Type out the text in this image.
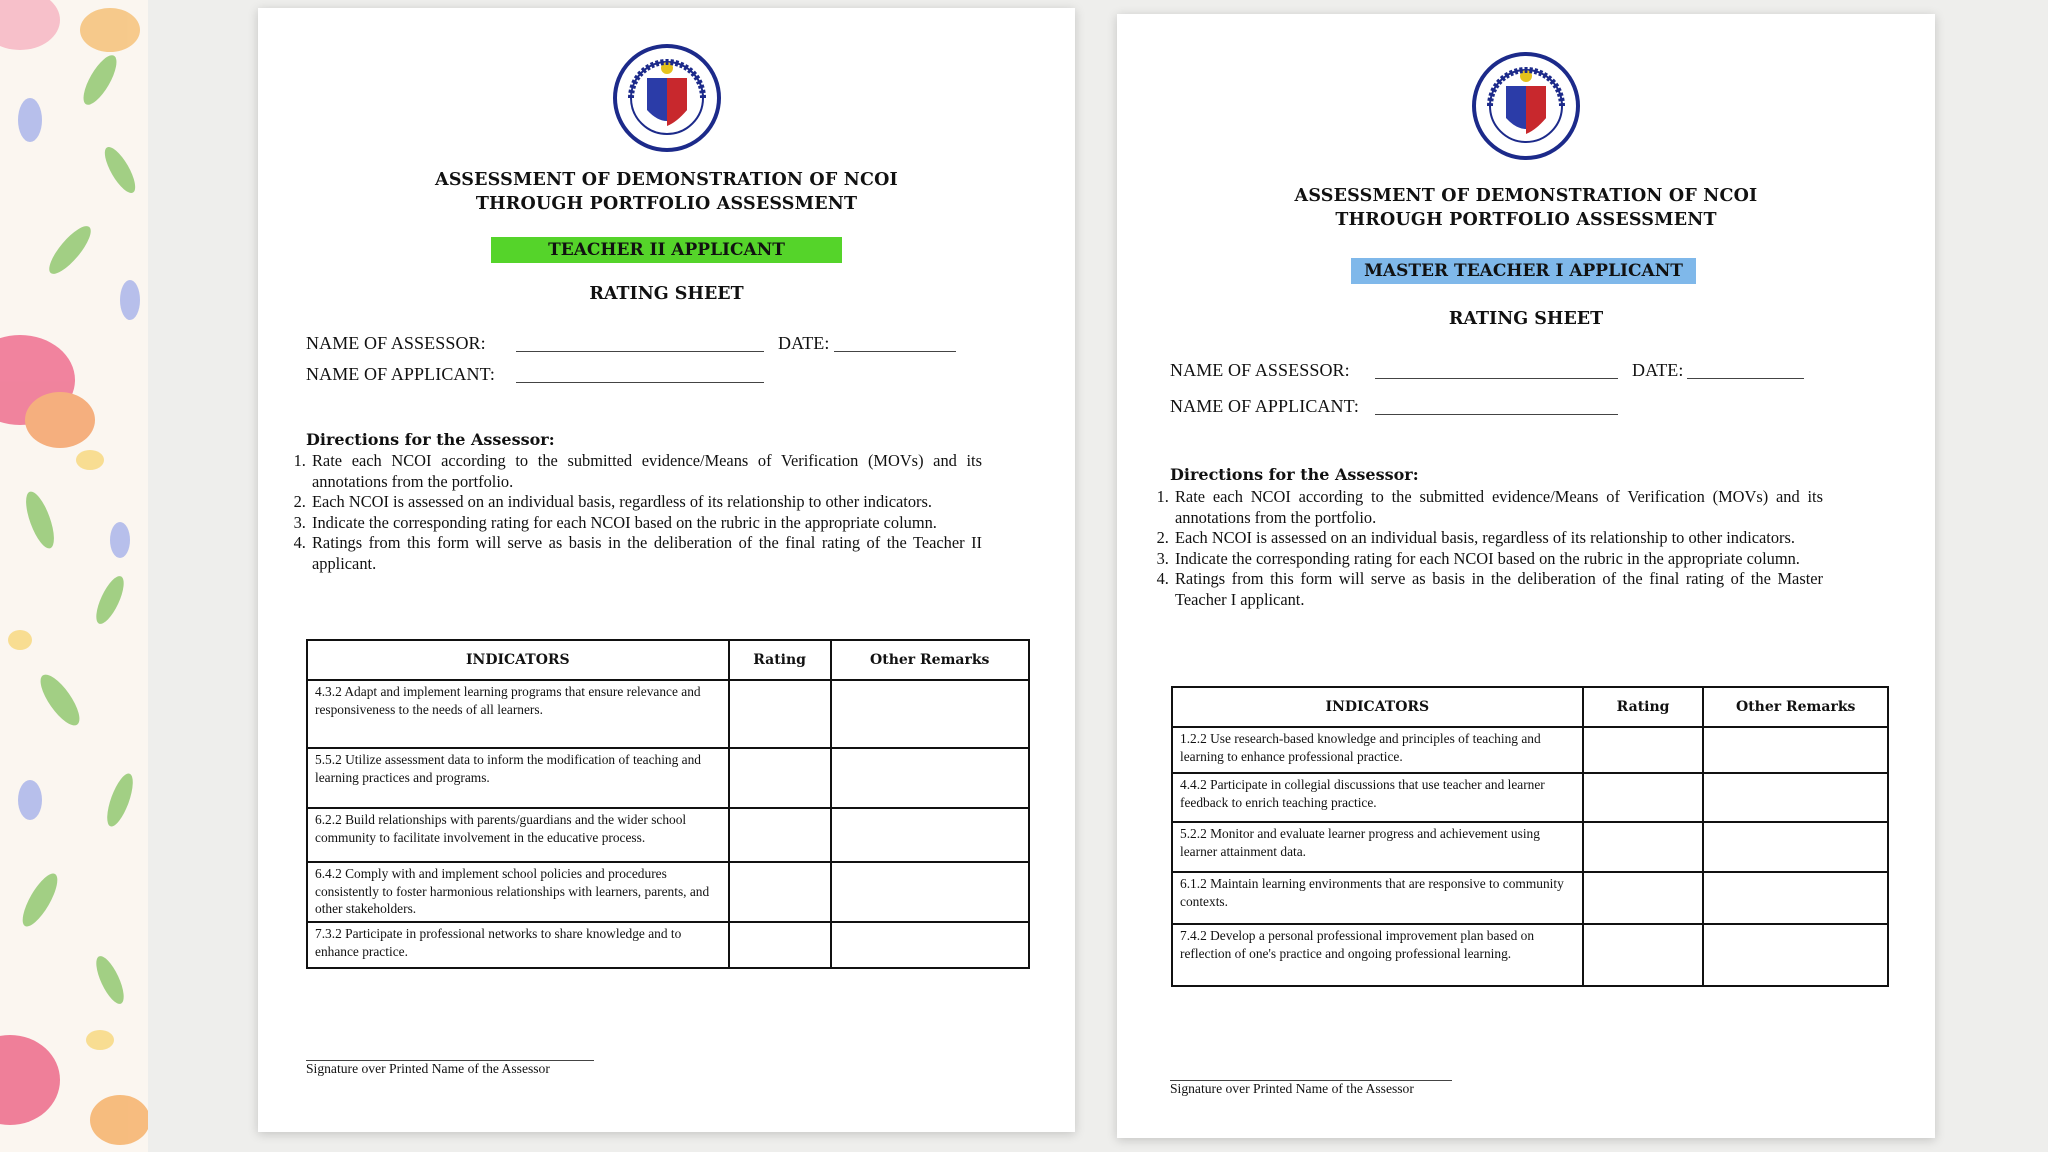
ASSESSMENT OF DEMONSTRATION OF NCOI
THROUGH PORTFOLIO ASSESSMENT
TEACHER II APPLICANT
RATING SHEET
NAME OF ASSESSOR:	DATE:
NAME OF APPLICANT:
Directions for the Assessor:
1. Rate each NCOI according to the submitted evidence/Means of Verification (MOVs) and its annotations from the portfolio.
2. Each NCOI is assessed on an individual basis, regardless of its relationship to other indicators.
3. Indicate the corresponding rating for each NCOI based on the rubric in the appropriate column.
4. Ratings from this form will serve as basis in the deliberation of the final rating of the Teacher II applicant.
INDICATORS	Rating	Other Remarks
4.3.2 Adapt and implement learning programs that ensure relevance and responsiveness to the needs of all learners.		
5.5.2 Utilize assessment data to inform the modification of teaching and learning practices and programs.		
6.2.2 Build relationships with parents/guardians and the wider school community to facilitate involvement in the educative process.		
6.4.2 Comply with and implement school policies and procedures consistently to foster harmonious relationships with learners, parents, and other stakeholders.		
7.3.2 Participate in professional networks to share knowledge and to enhance practice.		
Signature over Printed Name of the Assessor
ASSESSMENT OF DEMONSTRATION OF NCOI
THROUGH PORTFOLIO ASSESSMENT
MASTER TEACHER I APPLICANT
RATING SHEET
NAME OF ASSESSOR:	DATE:
NAME OF APPLICANT:
Directions for the Assessor:
1. Rate each NCOI according to the submitted evidence/Means of Verification (MOVs) and its annotations from the portfolio.
2. Each NCOI is assessed on an individual basis, regardless of its relationship to other indicators.
3. Indicate the corresponding rating for each NCOI based on the rubric in the appropriate column.
4. Ratings from this form will serve as basis in the deliberation of the final rating of the Master Teacher I applicant.
INDICATORS	Rating	Other Remarks
1.2.2 Use research-based knowledge and principles of teaching and learning to enhance professional practice.		
4.4.2 Participate in collegial discussions that use teacher and learner feedback to enrich teaching practice.		
5.2.2 Monitor and evaluate learner progress and achievement using learner attainment data.		
6.1.2 Maintain learning environments that are responsive to community contexts.		
7.4.2 Develop a personal professional improvement plan based on reflection of one's practice and ongoing professional learning.		
Signature over Printed Name of the Assessor
